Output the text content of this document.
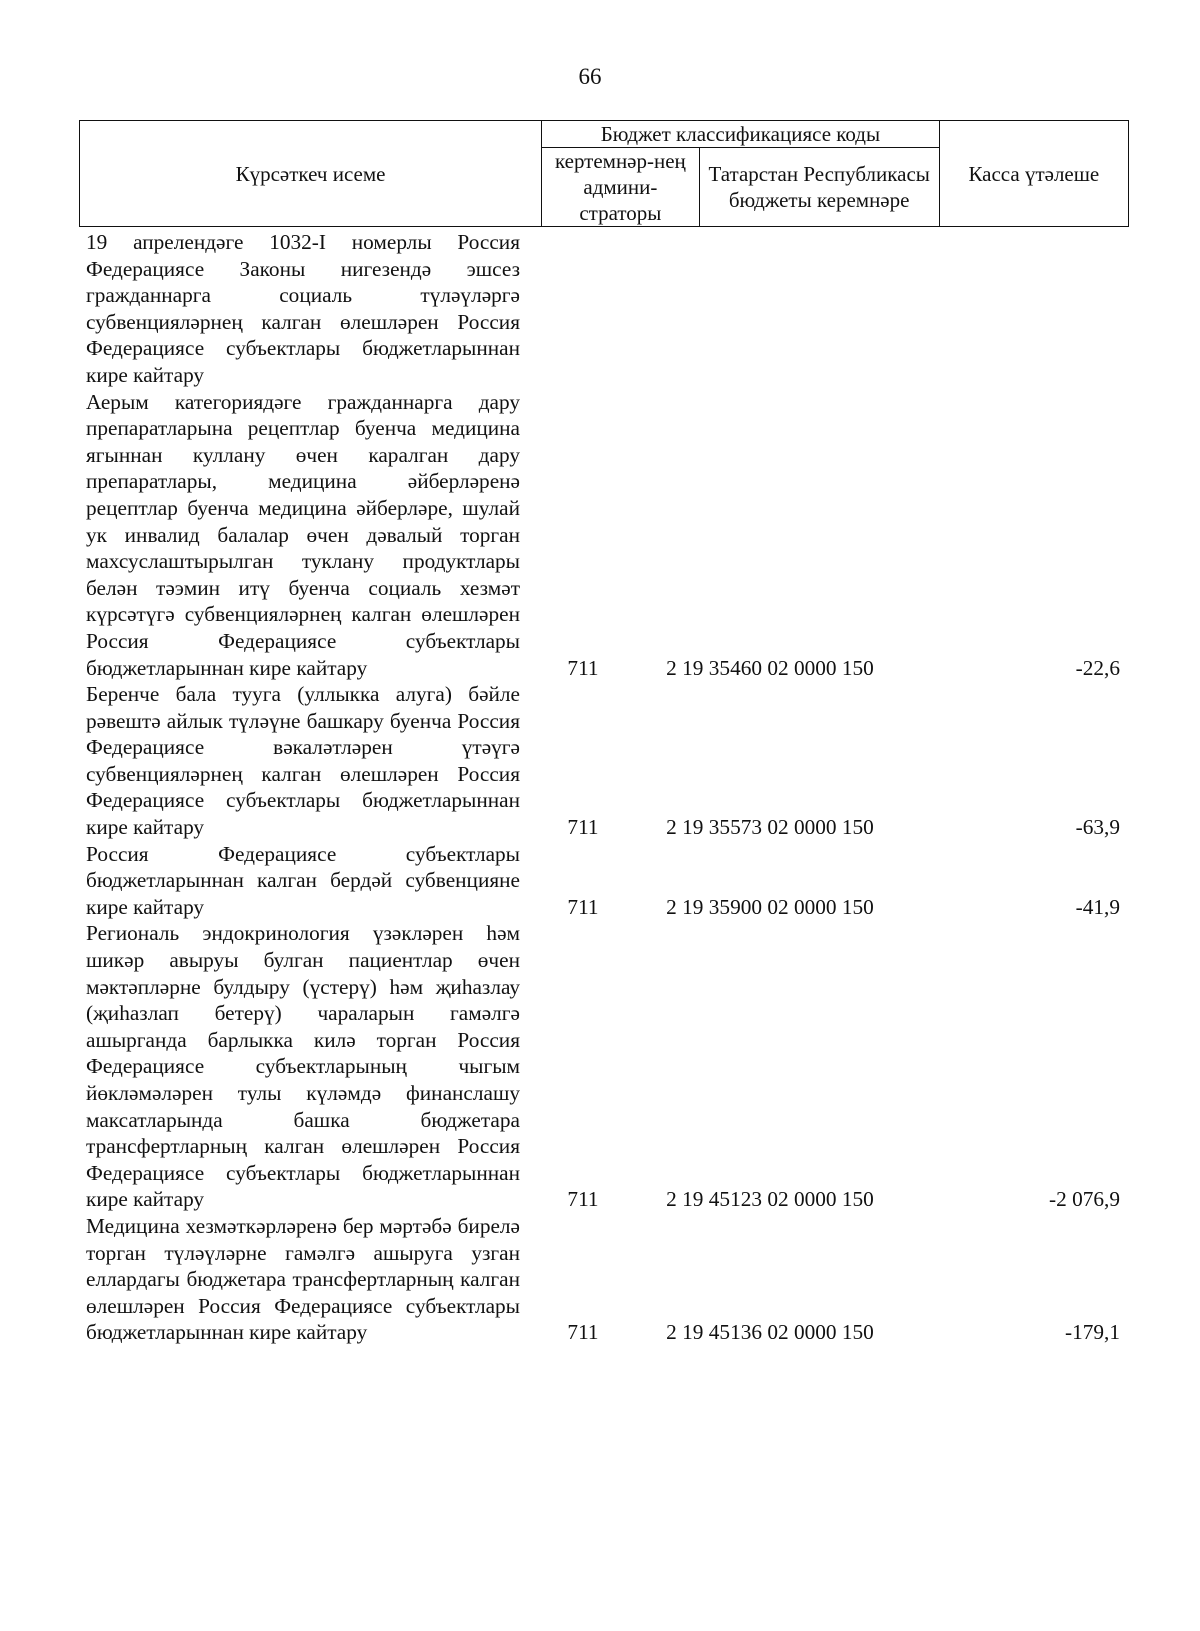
66
Күрсәткеч исеме	Бюджет классификациясе коды		Касса үтәлеше
	кертемнәр-нең админи-страторы	Татарстан Республикасы бюджеты керемнәре	
19 апрелендәге 1032-I номерлы Россия Федерациясе Законы нигезендә эшсез гражданнарга социаль түләүләргә субвенцияләрнең калган өлешләрен Россия Федерациясе субъектлары бюджетларыннан кире кайтару
Аерым категориядәге гражданнарга дару препаратларына рецептлар буенча медицина ягыннан куллану өчен каралган дару препаратлары, медицина әйберләренә рецептлар буенча медицина әйберләре, шулай ук инвалид балалар өчен дәвалый торган махсуслаштырылган туклану продуктлары белән тәэмин итү буенча социаль хезмәт күрсәтүгә субвенцияләрнең калган өлешләрен Россия Федерациясе субъектлары бюджетларыннан кире кайтару	711	2 19 35460 02 0000 150	-22,6
Беренче бала туугa (уллыкка алуга) бәйле рәвештә айлык түләүне башкару буенча Россия Федерациясе вәкаләтләрен үтәүгә субвенцияләрнең калган өлешләрен Россия Федерациясе субъектлары бюджетларыннан кире кайтару	711	2 19 35573 02 0000 150	-63,9
Россия Федерациясе субъектлары бюджетларыннан калган бердәй субвенцияне кире кайтару	711	2 19 35900 02 0000 150	-41,9
Региональ эндокринология үзәкләрен һәм шикәр авыруы булган пациентлар өчен мәктәпләрне булдыру (үстерү) һәм җиһазлау (җиһазлап бетерү) чараларын гамәлгә ашырганда барлыкка килә торган Россия Федерациясе субъектларының чыгым йөкләмәләрен тулы күләмдә финанслашу максатларында башка бюджетара трансфертларның калган өлешләрен Россия Федерациясе субъектлары бюджетларыннан кире кайтару	711	2 19 45123 02 0000 150	-2 076,9
Медицина хезмәткәрләренә бер мәртәбә бирелә торган түләүләрне гамәлгә ашыруга узган еллардагы бюджетара трансфертларның калган өлешләрен Россия Федерациясе субъектлары бюджетларыннан кире кайтару	711	2 19 45136 02 0000 150	-179,1
